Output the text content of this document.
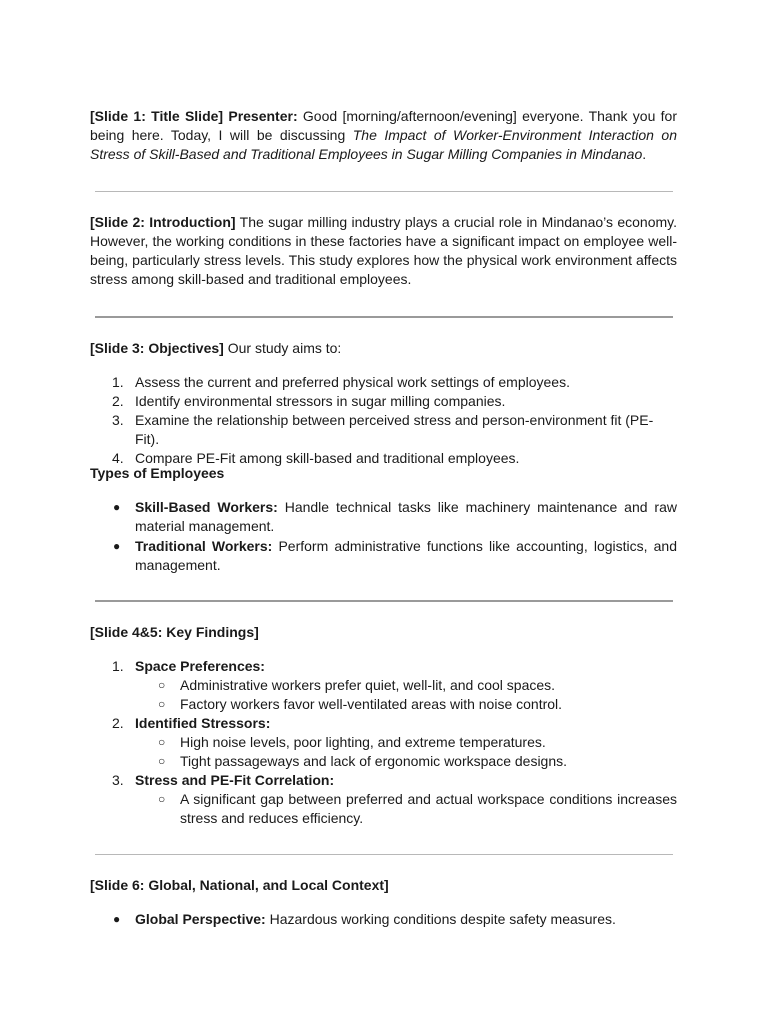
[Slide 1: Title Slide] Presenter: Good [morning/afternoon/evening] everyone. Thank you for being here. Today, I will be discussing The Impact of Worker-Environment Interaction on Stress of Skill-Based and Traditional Employees in Sugar Milling Companies in Mindanao.

[Slide 2: Introduction] The sugar milling industry plays a crucial role in Mindanao’s economy. However, the working conditions in these factories have a significant impact on employee well-being, particularly stress levels. This study explores how the physical work environment affects stress among skill-based and traditional employees.

[Slide 3: Objectives] Our study aims to:

1. Assess the current and preferred physical work settings of employees.
2. Identify environmental stressors in sugar milling companies.
3. Examine the relationship between perceived stress and person-environment fit (PE-Fit).
4. Compare PE-Fit among skill-based and traditional employees.

Types of Employees

● Skill-Based Workers: Handle technical tasks like machinery maintenance and raw material management.
● Traditional Workers: Perform administrative functions like accounting, logistics, and management.

[Slide 4&5: Key Findings]

1. Space Preferences:
○ Administrative workers prefer quiet, well-lit, and cool spaces.
○ Factory workers favor well-ventilated areas with noise control.
2. Identified Stressors:
○ High noise levels, poor lighting, and extreme temperatures.
○ Tight passageways and lack of ergonomic workspace designs.
3. Stress and PE-Fit Correlation:
○ A significant gap between preferred and actual workspace conditions increases stress and reduces efficiency.

[Slide 6: Global, National, and Local Context]

● Global Perspective: Hazardous working conditions despite safety measures.
